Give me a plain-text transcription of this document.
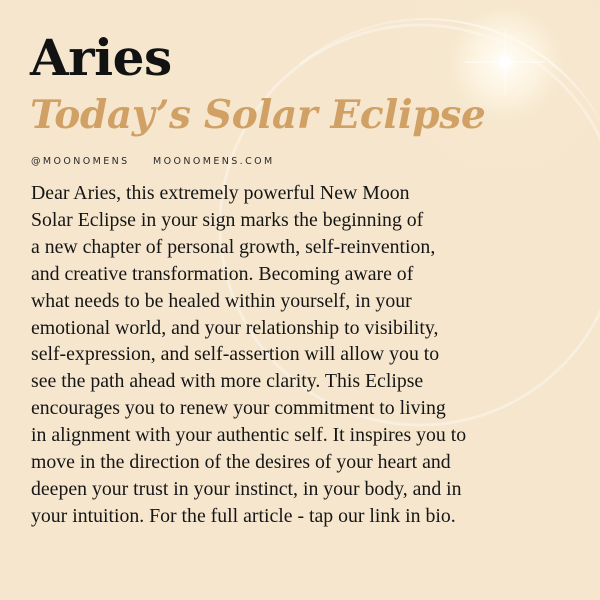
Aries
Today’s Solar Eclipse
@MOONOMENS MOONOMENS.COM

Dear Aries, this extremely powerful New Moon
Solar Eclipse in your sign marks the beginning of
a new chapter of personal growth, self-reinvention,
and creative transformation. Becoming aware of
what needs to be healed within yourself, in your
emotional world, and your relationship to visibility,
self-expression, and self-assertion will allow you to
see the path ahead with more clarity. This Eclipse
encourages you to renew your commitment to living
in alignment with your authentic self. It inspires you to
move in the direction of the desires of your heart and
deepen your trust in your instinct, in your body, and in
your intuition. For the full article - tap our link in bio.
